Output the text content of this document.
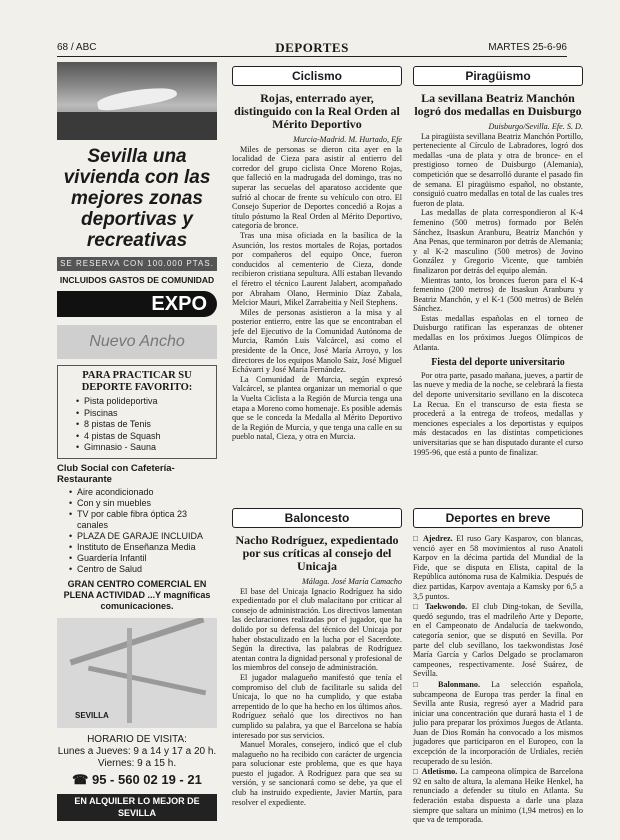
68 / ABC	DEPORTES	MARTES 25-6-96
Sevilla una vivienda con las mejores zonas deportivas y recreativas
SE RESERVA CON 100.000 PTAS.
INCLUIDOS GASTOS DE COMUNIDAD
EXPO
Nuevo Ancho
PARA PRACTICAR SU DEPORTE FAVORITO:
• Pista polideportiva
• Piscinas
• 8 pistas de Tenis
• 4 pistas de Squash
• Gimnasio - Sauna
Club Social con Cafetería-Restaurante
• Aire acondicionado
• Con y sin muebles
• TV por cable fibra óptica 23 canales
• PLAZA DE GARAJE INCLUIDA
• Instituto de Enseñanza Media
• Guardería Infantil
• Centro de Salud
GRAN CENTRO COMERCIAL EN PLENA ACTIVIDAD ...Y magníficas comunicaciones.
SEVILLA
HORARIO DE VISITA:
Lunes a Jueves: 9 a 14 y 17 a 20 h.
Viernes: 9 a 15 h.
☎ 95 - 560 02 19 - 21
EN ALQUILER LO MEJOR DE SEVILLA
Ciclismo
Rojas, enterrado ayer, distinguido con la Real Orden al Mérito Deportivo
Murcia-Madrid. M. Hurtado, Efe

Miles de personas se dieron cita ayer en la localidad de Cieza para asistir al entierro del corredor del grupo ciclista Once Moreno Rojas, que falleció en la madrugada del domingo, tras no superar las secuelas del aparatoso accidente que sufrió al chocar de frente su vehículo con otro. El Consejo Superior de Deportes concedió a Rojas a título póstumo la Real Orden al Mérito Deportivo, categoría de bronce.

Tras una misa oficiada en la basílica de la Asunción, los restos mortales de Rojas, portados por compañeros del equipo Once, fueron conducidos al cementerio de Cieza, donde recibieron cristiana sepultura. Allí estaban llevando el féretro el técnico Laurent Jalabert, acompañado por Abraham Olano, Herminio Díaz Zabala, Melcior Mauri, Mikel Zarrabeitia y Neil Stephens.

Miles de personas asistieron a la misa y al posterior entierro, entre las que se encontraban el jefe del Ejecutivo de la Comunidad Autónoma de Murcia, Ramón Luis Valcárcel, así como el presidente de la Once, José María Arroyo, y los directores de los equipos Manolo Saiz, José Miguel Echávarri y José María Fernández.

La Comunidad de Murcia, según expresó Valcárcel, se plantea organizar un memorial o que la Vuelta Ciclista a la Región de Murcia tenga una etapa a Moreno como homenaje. Es posible además que se le conceda la Medalla al Mérito Deportivo de la Región de Murcia, y que tenga una calle en su pueblo natal, Cieza, y otra en Murcia.

Piragüismo
La sevillana Beatriz Manchón logró dos medallas en Duisburgo
Duisburgo/Sevilla. Efe. S. D.

La piragüista sevillana Beatriz Manchón Portillo, perteneciente al Círculo de Labradores, logró dos medallas -una de plata y otra de bronce- en el prestigioso torneo de Duisburgo (Alemania), competición que se desarrolló durante el pasado fin de semana. El piragüismo español, no obstante, consiguió cuatro medallas en total de las cuales tres fueron de plata.

Las medallas de plata correspondieron al K-4 femenino (500 metros) formado por Belén Sánchez, Itsaskun Aranburu, Beatriz Manchón y Ana Penas, que terminaron por detrás de Alemania; y al K-2 masculino (500 metros) de Jovino González y Gregorio Vicente, que también finalizaron por detrás del equipo alemán.

Mientras tanto, los bronces fueron para el K-4 femenino (200 metros) de Itsaskun Aranburu y Beatriz Manchón, y el K-1 (500 metros) de Belén Sánchez.

Estas medallas españolas en el torneo de Duisburgo ratifican las esperanzas de obtener medallas en los próximos Juegos Olímpicos de Atlanta.

Fiesta del deporte universitario

Por otra parte, pasado mañana, jueves, a partir de las nueve y media de la noche, se celebrará la fiesta del deporte universitario sevillano en la discoteca La Recua. En el transcurso de esta fiesta se procederá a la entrega de trofeos, medallas y menciones especiales a los deportistas y equipos más destacados en las distintas competiciones universitarias que se han disputado durante el curso 1995-96, que está a punto de finalizar.

Baloncesto
Nacho Rodríguez, expedientado por sus críticas al consejo del Unicaja
Málaga. José María Camacho

El base del Unicaja Ignacio Rodríguez ha sido expedientado por el club malacitano por criticar al consejo de administración. Los directivos lamentan las declaraciones realizadas por el jugador, que ha dolido por su defensa del técnico del Unicaja por haber obstaculizado en la lucha por el Sacerdote. Según la directiva, las palabras de Rodríguez atentan contra la dignidad personal y profesional de los miembros del consejo de administración.

El jugador malagueño manifestó que tenía el compromiso del club de facilitarle su salida del Unicaja, lo que no ha cumplido, y que estaba arrepentido de lo que ha hecho en los últimos años. Rodríguez señaló que los directivos no han cumplido su palabra, ya que el Barcelona se había interesado por sus servicios.

Manuel Morales, consejero, indicó que el club malagueño no ha recibido con carácter de urgencia para solucionar este problema, que es que haya puesto el jugador. A Rodríguez para que sea su versión, y se sancionará como se debe, ya que el club ha instruido expediente, Javier Martín, para resolver el expediente.

Deportes en breve

□ Ajedrez. El ruso Gary Kasparov, con blancas, venció ayer en 58 movimientos al ruso Anatoli Karpov en la décima partida del Mundial de la Fide, que se disputa en Elista, capital de la República autónoma rusa de Kalmikia. Después de diez partidas, Karpov aventaja a Kamsky por 6,5 a 3,5 puntos.

□ Taekwondo. El club Ding-tokan, de Sevilla, quedó segundo, tras el madrileño Arte y Deporte, en el Campeonato de Andalucía de taekwondo, categoría senior, que se disputó en Sevilla. Por parte del club sevillano, los taekwondistas José María García y Carlos Delgado se proclamaron campeones, respectivamente. José Suárez, de Sevilla.

□ Balonmano. La selección española, subcampeona de Europa tras perder la final en Sevilla ante Rusia, regresó ayer a Madrid para iniciar una concentración que durará hasta el 1 de julio para preparar los próximos Juegos de Atlanta. Juan de Dios Román ha convocado a los mismos jugadores que participaron en el Europeo, con la excepción de la incorporación de Urdiales, recién recuperado de su lesión.

□ Atletismo. La campeona olímpica de Barcelona 92 en salto de altura, la alemana Heike Henkel, ha renunciado a defender su título en Atlanta. Su federación estaba dispuesta a darle una plaza siempre que saltara un mínimo (1,94 metros) en lo que va de temporada.
